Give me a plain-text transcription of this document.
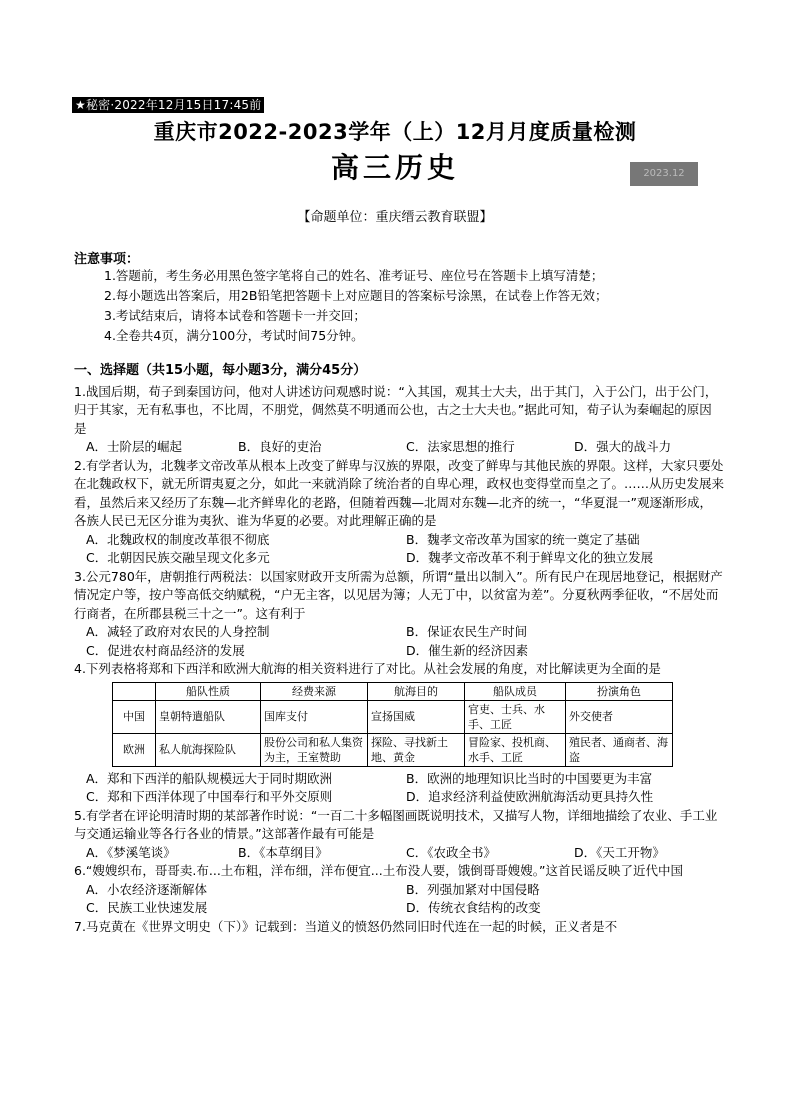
★秘密·2022年12月15日17:45前
重庆市2022-2023学年（上）12月月度质量检测
高三历史	2023.12
【命题单位：重庆缙云教育联盟】
注意事项：
1.答题前，考生务必用黑色签字笔将自己的姓名、准考证号、座位号在答题卡上填写清楚；
2.每小题选出答案后，用2B铅笔把答题卡上对应题目的答案标号涂黑，在试卷上作答无效；
3.考试结束后，请将本试卷和答题卡一并交回；
4.全卷共4页，满分100分，考试时间75分钟。
一、选择题（共15小题，每小题3分，满分45分）
1.战国后期，荀子到秦国访问，他对人讲述访问观感时说：“入其国，观其士大夫，出于其门，入于公门，出于公门，归于其家，无有私事也，不比周，不朋党，倜然莫不明通而公也，古之士大夫也。”据此可知，荀子认为秦崛起的原因是
A．士阶层的崛起	B．良好的吏治	C．法家思想的推行	D．强大的战斗力
2.有学者认为，北魏孝文帝改革从根本上改变了鲜卑与汉族的界限，改变了鲜卑与其他民族的界限。这样，大家只要处在北魏政权下，就无所谓夷夏之分，如此一来就消除了统治者的自卑心理，政权也变得堂而皇之了。……从历史发展来看，虽然后来又经历了东魏—北齐鲜卑化的老路，但随着西魏—北周对东魏—北齐的统一，“华夏混一”观逐渐形成，各族人民已无区分谁为夷狄、谁为华夏的必要。对此理解正确的是
A．北魏政权的制度改革很不彻底	B．魏孝文帝改革为国家的统一奠定了基础
C．北朝因民族交融呈现文化多元	D．魏孝文帝改革不利于鲜卑文化的独立发展
3.公元780年，唐朝推行两税法：以国家财政开支所需为总额，所谓“量出以制入”。所有民户在现居地登记，根据财产情况定户等，按户等高低交纳赋税，“户无主客，以见居为簿；人无丁中，以贫富为差”。分夏秋两季征收，“不居处而行商者，在所郡县税三十之一”。这有利于
A．减轻了政府对农民的人身控制	B．保证农民生产时间
C．促进农村商品经济的发展	D．催生新的经济因素
4.下列表格将郑和下西洋和欧洲大航海的相关资料进行了对比。从社会发展的角度，对比解读更为全面的是
	船队性质	经费来源	航海目的	船队成员	扮演角色
中国	皇朝特遣船队	国库支付	宣扬国威	官吏、士兵、水手、工匠	外交使者
欧洲	私人航海探险队	股份公司和私人集资为主，王室赞助	探险、寻找新土地、黄金	冒险家、投机商、水手、工匠	殖民者、通商者、海盗
A．郑和下西洋的船队规模远大于同时期欧洲	B．欧洲的地理知识比当时的中国要更为丰富
C．郑和下西洋体现了中国奉行和平外交原则	D．追求经济利益使欧洲航海活动更具持久性
5.有学者在评论明清时期的某部著作时说：“一百二十多幅图画既说明技术，又描写人物，详细地描绘了农业、手工业与交通运输业等各行各业的情景。”这部著作最有可能是
A．《梦溪笔谈》	B．《本草纲目》	C．《农政全书》	D．《天工开物》
6.“嫂嫂织布，哥哥卖.布...土布粗，洋布细，洋布便宜...土布没人要，饿倒哥哥嫂嫂。”这首民谣反映了近代中国
A．小农经济逐渐解体	B．列强加紧对中国侵略
C．民族工业快速发展	D．传统衣食结构的改变
7.马克黄在《世界文明史（下）》记载到：当道义的愤怒仍然同旧时代连在一起的时候，正义者是不
